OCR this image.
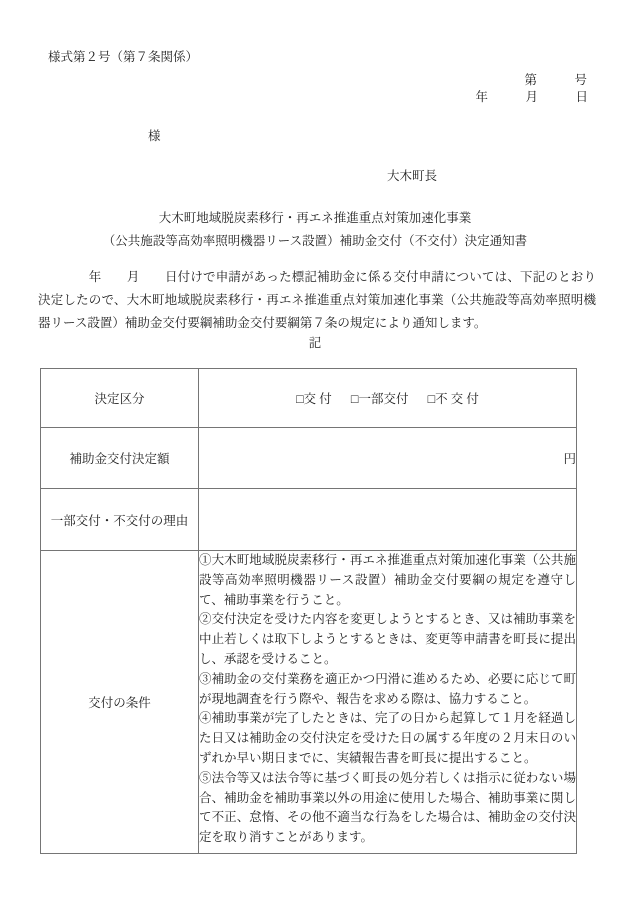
様式第２号（第７条関係）
第　　　号
年　　　月　　　日
様
大木町長
大木町地域脱炭素移行・再エネ推進重点対策加速化事業
（公共施設等高効率照明機器リース設置）補助金交付（不交付）決定通知書
　　　　年　　月　　日付けで申請があった標記補助金に係る交付申請については、下記のとおり決定したので、大木町地域脱炭素移行・再エネ推進重点対策加速化事業（公共施設等高効率照明機器リース設置）補助金交付要綱補助金交付要綱第７条の規定により通知します。
記
決定区分	□交 付 □一部交付 □不 交 付
補助金交付決定額	円
一部交付・不交付の理由	
交付の条件	①大木町地域脱炭素移行・再エネ推進重点対策加速化事業（公共施設等高効率照明機器リース設置）補助金交付要綱の規定を遵守して、補助事業を行うこと。
②交付決定を受けた内容を変更しようとするとき、又は補助事業を中止若しくは取下しようとするときは、変更等申請書を町長に提出し、承認を受けること。
③補助金の交付業務を適正かつ円滑に進めるため、必要に応じて町が現地調査を行う際や、報告を求める際は、協力すること。
④補助事業が完了したときは、完了の日から起算して１月を経過した日又は補助金の交付決定を受けた日の属する年度の２月末日のいずれか早い期日までに、実績報告書を町長に提出すること。
⑤法令等又は法令等に基づく町長の処分若しくは指示に従わない場合、補助金を補助事業以外の用途に使用した場合、補助事業に関して不正、怠惰、その他不適当な行為をした場合は、補助金の交付決定を取り消すことがあります。
